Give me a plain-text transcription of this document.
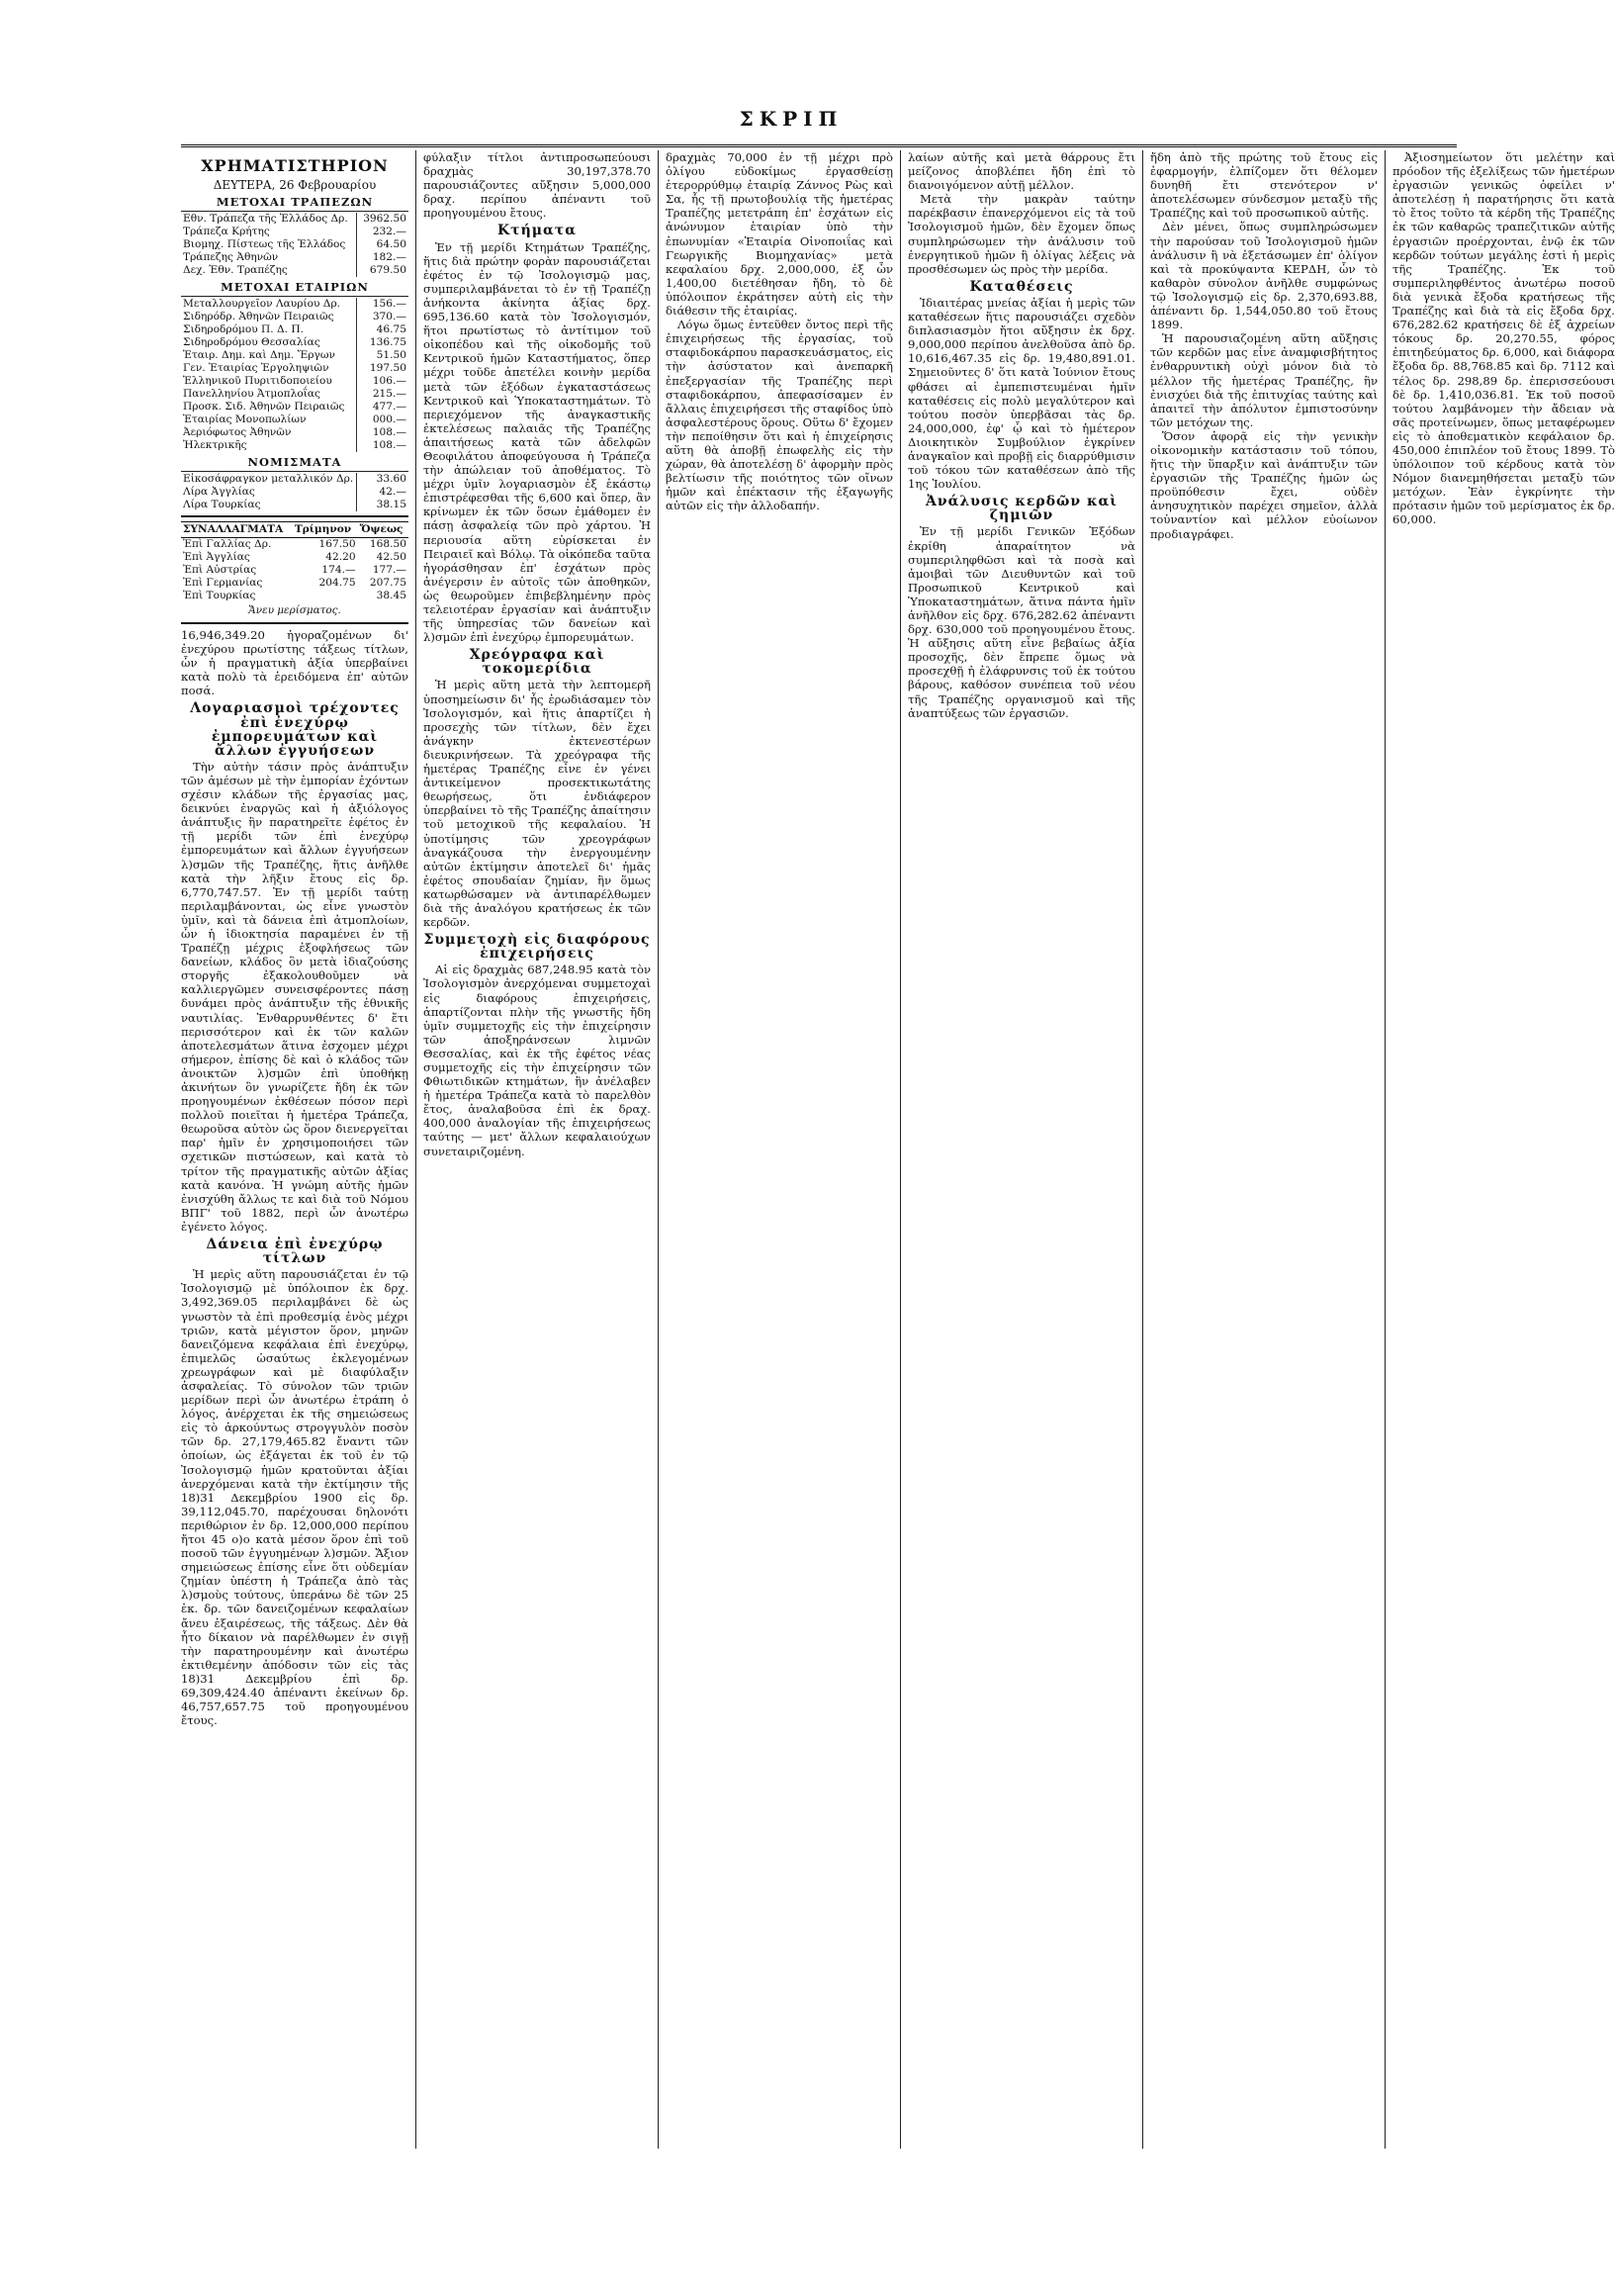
ΣΚΡΙΠ
ΧΡΗΜΑΤΙΣΤΗΡΙΟΝ
ΔΕΥΤΕΡΑ, 26 Φεβρουαρίου
ΜΕΤΟΧΑΙ ΤΡΑΠΕΖΩΝ
Εθν. Τράπεζα τῆς Ἑλλάδος Δρ.	3962.50
Τράπεζα Κρήτης	232.—
Βιομηχ. Πίστεως τῆς Ἑλλάδος	64.50
Τράπεζης Ἀθηνῶν	182.—
Δεχ. Ἐθν. Τραπέζης	679.50
ΜΕΤΟΧΑΙ ΕΤΑΙΡΙΩΝ
Μεταλλουργεῖον Λαυρίου Δρ.	156.—
Σιδηρόδρ. Ἀθηνῶν Πειραιῶς	370.—
Σιδηροδρόμου Π. Δ. Π.	46.75
Σιδηροδρόμου Θεσσαλίας	136.75
Ἑταιρ. Δημ. καὶ Δημ. Ἔργων	51.50
Γεν. Ἑταιρίας Ἐργοληψιῶν	197.50
Ἑλληνικοῦ Πυριτιδοποιείου	106.—
Πανελληνίου Ἀτμοπλοΐας	215.—
Προσκ. Σιδ. Ἀθηνῶν Πειραιῶς	477.—
Ἑταιρίας Μονοπωλίων	000.—
Ἀεριόφωτος Ἀθηνῶν	108.—
Ἠλεκτρικῆς	108.—
ΝΟΜΙΣΜΑΤΑ
Εἰκοσάφραγκον μεταλλικόν Δρ.	33.60
Λίρα Ἀγγλίας	42.—
Λίρα Τουρκίας	38.15
ΣΥΝΑΛΛΑΓΜΑΤΑ	Τρίμηνον	Ὄψεως
Ἐπὶ Γαλλίας Δρ.	167.50	168.50
Ἐπὶ Ἀγγλίας	42.20	42.50
Ἐπὶ Αὐστρίας	174.—	177.—
Ἐπὶ Γερμανίας	204.75	207.75
Ἐπὶ Τουρκίας		38.45
Ἄνευ μερίσματος.

16,946,349.20 ἠγοραζομένων δι' ἐνεχύρου πρωτίστης τάξεως τίτλων, ὧν ἡ πραγματικὴ ἀξία ὑπερβαίνει κατὰ πολὺ τὰ ἐρειδόμενα ἐπ' αὐτῶν ποσά.

Λογαριασμοὶ τρέχοντες ἐπὶ ἐνεχύρῳ ἐμπορευμάτων καὶ ἄλλων ἐγγυήσεων

Τὴν αὐτὴν τάσιν πρὸς ἀνάπτυξιν τῶν ἀμέσων μὲ τὴν ἐμπορίαν ἐχόντων σχέσιν κλάδων τῆς ἐργασίας μας, δεικνύει ἐναργῶς καὶ ἡ ἀξιόλογος ἀνάπτυξις ἣν παρατηρεῖτε ἐφέτος ἐν τῇ μερίδι τῶν ἐπὶ ἐνεχύρῳ ἐμπορευμάτων καὶ ἄλλων ἐγγυήσεων λ)σμῶν τῆς Τραπέζης, ἥτις ἀνῆλθε κατὰ τὴν λῆξιν ἔτους εἰς δρ. 6,770,747.57. Ἐν τῇ μερίδι ταύτῃ περιλαμβάνονται, ὡς εἶνε γνωστὸν ὑμῖν, καὶ τὰ δάνεια ἐπὶ ἀτμοπλοίων, ὧν ἡ ἰδιοκτησία παραμένει ἐν τῇ Τραπέζῃ μέχρις ἐξοφλήσεως τῶν δανείων, κλάδος ὃν μετὰ ἰδιαζούσης στοργῆς ἐξακολουθοῦμεν νὰ καλλιεργῶμεν συνεισφέροντες πάσῃ δυνάμει πρὸς ἀνάπτυξιν τῆς ἐθνικῆς ναυτιλίας. Ἐνθαρρυνθέντες δ' ἔτι περισσότερον καὶ ἐκ τῶν καλῶν ἀποτελεσμάτων ἅτινα ἐσχομεν μέχρι σήμερον, ἐπίσης δὲ καὶ ὁ κλάδος τῶν ἀνοικτῶν λ)σμῶν ἐπὶ ὑποθήκῃ ἀκινήτων ὃν γνωρίζετε ἤδη ἐκ τῶν προηγουμένων ἐκθέσεων πόσον περὶ πολλοῦ ποιεῖται ἡ ἡμετέρα Τράπεζα, θεωροῦσα αὐτὸν ὡς ὅρον διενεργεῖται παρ' ἡμῖν ἐν χρησιμοποιήσει τῶν σχετικῶν πιστώσεων, καὶ κατὰ τὸ τρίτον τῆς πραγματικῆς αὐτῶν ἀξίας κατὰ κανόνα. Ἡ γνώμη αὐτῆς ἡμῶν ἐνισχύθη ἄλλως τε καὶ διὰ τοῦ Νόμου ΒΠΓ' τοῦ 1882, περὶ ὧν ἀνωτέρω ἐγένετο λόγος.

Δάνεια ἐπὶ ἐνεχύρῳ τίτλων

Ἡ μερὶς αὕτη παρουσιάζεται ἐν τῷ Ἰσολογισμῷ μὲ ὑπόλοιπον ἐκ δρχ. 3,492,369.05 περιλαμβάνει δὲ ὡς γνωστὸν τὰ ἐπὶ προθεσμίᾳ ἑνὸς μέχρι τριῶν, κατὰ μέγιστον ὅρον, μηνῶν δανειζόμενα κεφάλαια ἐπὶ ἐνεχύρῳ, ἐπιμελῶς ὡσαύτως ἐκλεγομένων χρεωγράφων καὶ μὲ διαφύλαξιν ἀσφαλείας. Τὸ σύνολον τῶν τριῶν μερίδων περὶ ὧν ἀνωτέρω ἐτράπη ὁ λόγος, ἀνέρχεται ἐκ τῆς σημειώσεως εἰς τὸ ἀρκούντως στρογγυλὸν ποσὸν τῶν δρ. 27,179,465.82 ἔναντι τῶν ὁποίων, ὡς ἐξάγεται ἐκ τοῦ ἐν τῷ Ἰσολογισμῷ ἡμῶν κρατοῦνται ἀξίαι ἀνερχόμεναι κατὰ τὴν ἐκτίμησιν τῆς 18)31 Δεκεμβρίου 1900 εἰς δρ. 39,112,045.70, παρέχουσαι δηλονότι περιθώριον ἐν δρ. 12,000,000 περίπου ἤτοι 45 ο)ο κατὰ μέσον ὅρον ἐπὶ τοῦ ποσοῦ τῶν ἐγγυημένων λ)σμῶν. Ἄξιον σημειώσεως ἐπίσης εἶνε ὅτι οὐδεμίαν ζημίαν ὑπέστη ἡ Τράπεζα ἀπὸ τὰς λ)σμοὺς τούτους, ὑπεράνω δὲ τῶν 25 ἑκ. δρ. τῶν δανειζομένων κεφαλαίων ἄνευ ἐξαιρέσεως, τῆς τάξεως. Δὲν θὰ ἦτο δίκαιον νὰ παρέλθωμεν ἐν σιγῇ τὴν παρατηρουμένην καὶ ἀνωτέρω ἐκτιθεμένην ἀπόδοσιν τῶν εἰς τὰς 18)31 Δεκεμβρίου ἐπὶ δρ. 69,309,424.40 ἀπέναντι ἐκείνων δρ. 46,757,657.75 τοῦ προηγουμένου ἔτους.

φύλαξιν τίτλοι ἀντιπροσωπεύουσι δραχμὰς 30,197,378.70 παρουσιάζοντες αὔξησιν 5,000,000 δραχ. περίπου ἀπέναντι τοῦ προηγουμένου ἔτους.

Κτήματα

Ἐν τῇ μερίδι Κτημάτων Τραπέζης, ἥτις διὰ πρώτην φορὰν παρουσιάζεται ἐφέτος ἐν τῷ Ἰσολογισμῷ μας, συμπεριλαμβάνεται τὸ ἐν τῇ Τραπέζῃ ἀνήκοντα ἀκίνητα ἀξίας δρχ. 695,136.60 κατὰ τὸν Ἰσολογισμόν, ἥτοι πρωτίστως τὸ ἀντίτιμον τοῦ οἰκοπέδου καὶ τῆς οἰκοδομῆς τοῦ Κεντρικοῦ ἡμῶν Καταστήματος, ὅπερ μέχρι τοῦδε ἀπετέλει κοινὴν μερίδα μετὰ τῶν ἐξόδων ἐγκαταστάσεως Κεντρικοῦ καὶ Ὑποκαταστημάτων. Τὸ περιεχόμενον τῆς ἀναγκαστικῆς ἐκτελέσεως παλαιᾶς τῆς Τραπέζης ἀπαιτήσεως κατὰ τῶν ἀδελφῶν Θεοφιλάτου ἀποφεύγουσα ἡ Τράπεζα τὴν ἀπώλειαν τοῦ ἀποθέματος. Τὸ μέχρι ὑμῖν λογαριασμὸν ἐξ ἑκάστῳ ἐπιστρέφεσθαι τῆς 6,600 καὶ ὅπερ, ἂν κρίνωμεν ἐκ τῶν ὅσων ἐμάθομεν ἐν πάσῃ ἀσφαλείᾳ τῶν πρὸ χάρτου. Ἡ περιουσία αὕτη εὑρίσκεται ἐν Πειραιεῖ καὶ Βόλῳ. Τὰ οἰκόπεδα ταῦτα ἠγοράσθησαν ἐπ' ἐσχάτων πρὸς ἀνέγερσιν ἐν αὐτοῖς τῶν ἀποθηκῶν, ὡς θεωροῦμεν ἐπιβεβλημένην πρὸς τελειοτέραν ἐργασίαν καὶ ἀνάπτυξιν τῆς ὑπηρεσίας τῶν δανείων καὶ λ)σμῶν ἐπὶ ἐνεχύρῳ ἐμπορευμάτων.

Χρεόγραφα καὶ τοκομερίδια

Ἡ μερὶς αὕτη μετὰ τὴν λεπτομερῆ ὑποσημείωσιν δι' ἧς ἐρωδιάσαμεν τὸν Ἰσολογισμόν, καὶ ἥτις ἀπαρτίζει ἡ προσεχὴς τῶν τίτλων, δὲν ἔχει ἀνάγκην ἐκτενεστέρων διευκρινήσεων. Τὰ χρεόγραφα τῆς ἡμετέρας Τραπέζης εἶνε ἐν γένει ἀντικείμενον προσεκτικωτάτης θεωρήσεως, ὅτι ἐνδιάφερον ὑπερβαίνει τὸ τῆς Τραπέζης ἀπαίτησιν τοῦ μετοχικοῦ τῆς κεφαλαίου. Ἡ ὑποτίμησις τῶν χρεογράφων ἀναγκάζουσα τὴν ἐνεργουμένην αὐτῶν ἐκτίμησιν ἀποτελεῖ δι' ἡμᾶς ἐφέτος σπουδαίαν ζημίαν, ἣν ὅμως κατωρθώσαμεν νὰ ἀντιπαρέλθωμεν διὰ τῆς ἀναλόγου κρατήσεως ἐκ τῶν κερδῶν.

Συμμετοχὴ εἰς διαφόρους ἐπιχειρήσεις

Αἱ εἰς δραχμὰς 687,248.95 κατὰ τὸν Ἰσολογισμὸν ἀνερχόμεναι συμμετοχαὶ εἰς διαφόρους ἐπιχειρήσεις, ἁπαρτίζονται πλὴν τῆς γνωστῆς ἤδη ὑμῖν συμμετοχῆς εἰς τὴν ἐπιχείρησιν τῶν ἀποξηράνσεων λιμνῶν Θεσσαλίας, καὶ ἐκ τῆς ἐφέτος νέας συμμετοχῆς εἰς τὴν ἐπιχείρησιν τῶν Φθιωτιδικῶν κτημάτων, ἣν ἀνέλαβεν ἡ ἡμετέρα Τράπεζα κατὰ τὸ παρελθὸν ἔτος, ἀναλαβοῦσα ἐπὶ ἐκ δραχ. 400,000 ἀναλογίαν τῆς ἐπιχειρήσεως ταύτης — μετ' ἄλλων κεφαλαιούχων συνεταιριζομένη.

δραχμὰς 70,000 ἐν τῇ μέχρι πρὸ ὀλίγου εὐδοκίμως ἐργασθείσῃ ἑτερορρύθμῳ ἑταιρίᾳ Ζάννος Ρὼς καὶ Σα, ἧς τῇ πρωτοβουλίᾳ τῆς ἡμετέρας Τραπέζης μετετράπη ἐπ' ἐσχάτων εἰς ἀνώνυμον ἑταιρίαν ὑπὸ τὴν ἐπωνυμίαν «Ἑταιρία Οἰνοποιΐας καὶ Γεωργικῆς Βιομηχανίας» μετὰ κεφαλαίου δρχ. 2,000,000, ἐξ ὧν 1,400,00 διετέθησαν ἤδη, τὸ δὲ ὑπόλοιπον ἐκράτησεν αὐτὴ εἰς τὴν διάθεσιν τῆς ἑταιρίας.

Λόγω ὅμως ἐντεῦθεν ὄντος περὶ τῆς ἐπιχειρήσεως τῆς ἐργασίας, τοῦ σταφιδοκάρπου παρασκευάσματος, εἰς τὴν ἀσύστατον καὶ ἀνεπαρκῆ ἐπεξεργασίαν τῆς Τραπέζης περὶ σταφιδοκάρπου, ἀπεφασίσαμεν ἐν ἄλλαις ἐπιχειρήσεσι τῆς σταφίδος ὑπὸ ἀσφαλεστέρους ὅρους. Οὕτω δ' ἔχομεν τὴν πεποίθησιν ὅτι καὶ ἡ ἐπιχείρησις αὕτη θὰ ἀποβῇ ἐπωφελὴς εἰς τὴν χώραν, θὰ ἀποτελέσῃ δ' ἀφορμὴν πρὸς βελτίωσιν τῆς ποιότητος τῶν οἴνων ἡμῶν καὶ ἐπέκτασιν τῆς ἐξαγωγῆς αὐτῶν εἰς τὴν ἀλλοδαπήν.

λαίων αὐτῆς καὶ μετὰ θάρρους ἔτι μείζονος ἀποβλέπει ἤδη ἐπὶ τὸ διανοιγόμενον αὐτῇ μέλλον.

Μετὰ τὴν μακρὰν ταύτην παρέκβασιν ἐπανερχόμενοι εἰς τὰ τοῦ Ἰσολογισμοῦ ἡμῶν, δὲν ἔχομεν ὅπως συμπληρώσωμεν τὴν ἀνάλυσιν τοῦ ἐνεργητικοῦ ἡμῶν ἢ ὀλίγας λέξεις νὰ προσθέσωμεν ὡς πρὸς τὴν μερίδα.

Καταθέσεις

Ἰδιαιτέρας μνείας ἀξίαι ἡ μερὶς τῶν καταθέσεων ἥτις παρουσιάζει σχεδὸν διπλασιασμὸν ἤτοι αὔξησιν ἐκ δρχ. 9,000,000 περίπου ἀνελθοῦσα ἀπὸ δρ. 10,616,467.35 εἰς δρ. 19,480,891.01. Σημειοῦντες δ' ὅτι κατὰ Ἰούνιον ἔτους φθάσει αἱ ἐμπεπιστευμέναι ἡμῖν καταθέσεις εἰς πολὺ μεγαλύτερον καὶ τούτου ποσὸν ὑπερβᾶσαι τὰς δρ. 24,000,000, ἐφ' ᾧ καὶ τὸ ἡμέτερον Διοικητικὸν Συμβούλιον ἐγκρίνεν ἀναγκαῖον καὶ προβῇ εἰς διαρρύθμισιν τοῦ τόκου τῶν καταθέσεων ἀπὸ τῆς 1ης Ἰουλίου.

Ἀνάλυσις κερδῶν καὶ ζημιῶν

Ἐν τῇ μερίδι Γενικῶν Ἐξόδων ἐκρίθη ἀπαραίτητον νὰ συμπεριληφθῶσι καὶ τὰ ποσὰ καὶ ἀμοιβαὶ τῶν Διευθυντῶν καὶ τοῦ Προσωπικοῦ Κεντρικοῦ καὶ Ὑποκαταστημάτων, ἅτινα πάντα ἡμῖν ἀνῆλθον εἰς δρχ. 676,282.62 ἀπέναντι δρχ. 630,000 τοῦ προηγουμένου ἔτους. Ἡ αὔξησις αὕτη εἶνε βεβαίως ἀξία προσοχῆς, δὲν ἔπρεπε ὅμως νὰ προσεχθῇ ἡ ἐλάφρυνσις τοῦ ἐκ τούτου βάρους, καθόσον συνέπεια τοῦ νέου τῆς Τραπέζης οργανισμοῦ καὶ τῆς ἀναπτύξεως τῶν ἐργασιῶν.

ἤδη ἀπὸ τῆς πρώτης τοῦ ἔτους εἰς ἐφαρμογήν, ἐλπίζομεν ὅτι θέλομεν δυνηθῆ ἔτι στενότερον ν' ἀποτελέσωμεν σύνδεσμον μεταξὺ τῆς Τραπέζης καὶ τοῦ προσωπικοῦ αὐτῆς.

Δὲν μένει, ὅπως συμπληρώσωμεν τὴν παρούσαν τοῦ Ἰσολογισμοῦ ἡμῶν ἀνάλυσιν ἢ νὰ ἐξετάσωμεν ἐπ' ὀλίγον καὶ τὰ προκύψαντα ΚΕΡΔΗ, ὧν τὸ καθαρὸν σύνολον ἀνῆλθε συμφώνως τῷ Ἰσολογισμῷ εἰς δρ. 2,370,693.88, ἀπέναντι δρ. 1,544,050.80 τοῦ ἔτους 1899.

Ἡ παρουσιαζομένη αὕτη αὔξησις τῶν κερδῶν μας εἶνε ἀναμφισβήτητος ἐνθαρρυντικὴ οὐχὶ μόνον διὰ τὸ μέλλον τῆς ἡμετέρας Τραπέζης, ἣν ἐνισχύει διὰ τῆς ἐπιτυχίας ταύτης καὶ ἀπαιτεῖ τὴν ἀπόλυτον ἐμπιστοσύνην τῶν μετόχων της.

Ὅσον ἀφορᾷ εἰς τὴν γενικὴν οἰκονομικὴν κατάστασιν τοῦ τόπου, ἥτις τὴν ὕπαρξιν καὶ ἀνάπτυξιν τῶν ἐργασιῶν τῆς Τραπέζης ἡμῶν ὡς προϋπόθεσιν ἔχει, οὐδὲν ἀνησυχητικὸν παρέχει σημεῖον, ἀλλὰ τοὐναντίον καὶ μέλλον εὐοίωνον προδιαγράφει.

Ἀξιοσημείωτον ὅτι μελέτην καὶ πρόοδον τῆς ἐξελίξεως τῶν ἡμετέρων ἐργασιῶν γενικῶς ὀφείλει ν' ἀποτελέσῃ ἡ παρατήρησις ὅτι κατὰ τὸ ἔτος τοῦτο τὰ κέρδη τῆς Τραπέζης ἐκ τῶν καθαρῶς τραπεζιτικῶν αὐτῆς ἐργασιῶν προέρχονται, ἐνῷ ἐκ τῶν κερδῶν τούτων μεγάλης ἐστὶ ἡ μερὶς τῆς Τραπέζης. Ἐκ τοῦ συμπεριληφθέντος ἀνωτέρω ποσοῦ διὰ γενικὰ ἔξοδα κρατήσεως τῆς Τραπέζης καὶ διὰ τὰ εἰς ἔξοδα δρχ. 676,282.62 κρατήσεις δὲ ἐξ ἀχρείων τόκους δρ. 20,270.55, φόρος ἐπιτηδεύματος δρ. 6,000, καὶ διάφορα ἔξοδα δρ. 88,768.85 καὶ δρ. 7112 καὶ τέλος δρ. 298,89 δρ. ἐπερισσεύουσι δὲ δρ. 1,410,036.81. Ἐκ τοῦ ποσοῦ τούτου λαμβάνομεν τὴν ἄδειαν νὰ σᾶς προτείνωμεν, ὅπως μεταφέρωμεν εἰς τὸ ἀποθεματικὸν κεφάλαιον δρ. 450,000 ἐπιπλέον τοῦ ἔτους 1899. Τὸ ὑπόλοιπον τοῦ κέρδους κατὰ τὸν Νόμον διανεμηθήσεται μεταξὺ τῶν μετόχων. Ἐὰν ἐγκρίνητε τὴν πρότασιν ἡμῶν τοῦ μερίσματος ἐκ δρ. 60,000.
